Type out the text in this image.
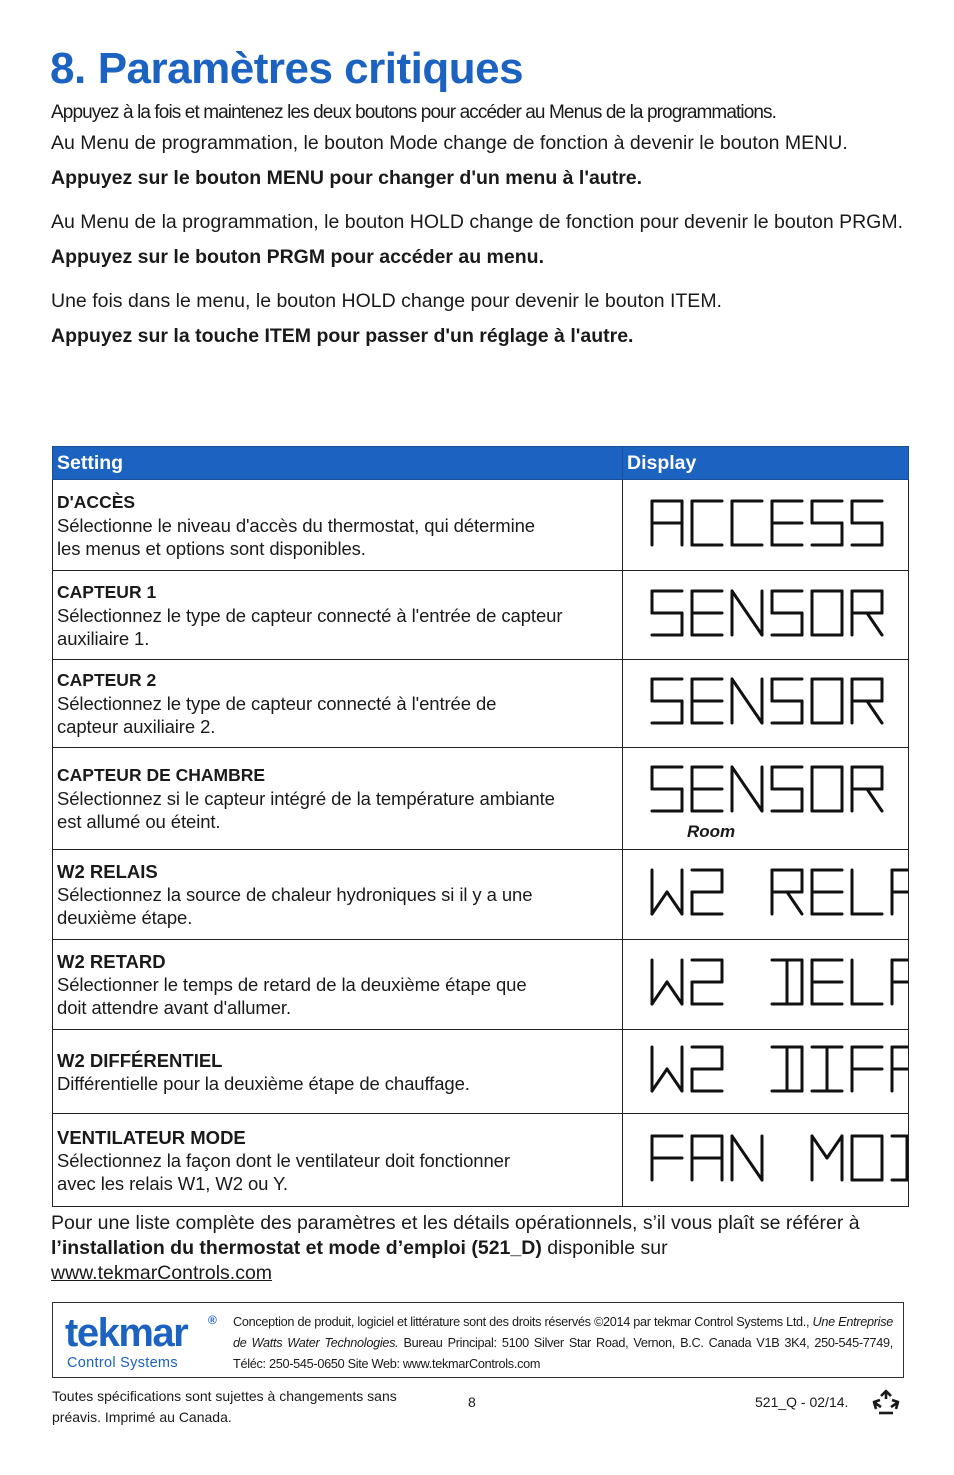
8. Paramètres critiques

Appuyez à la fois et maintenez les deux boutons pour accéder au Menus de la programmations.

Au Menu de programmation, le bouton Mode change de fonction à devenir le bouton MENU.

Appuyez sur le bouton MENU pour changer d'un menu à l'autre.

Au Menu de la programmation, le bouton HOLD change de fonction pour devenir le bouton PRGM.

Appuyez sur le bouton PRGM pour accéder au menu.

Une fois dans le menu, le bouton HOLD change pour devenir le bouton ITEM.

Appuyez sur la touche ITEM pour passer d'un réglage à l'autre.

Setting	Display

D'ACCÈS
Sélectionne le niveau d'accès du thermostat, qui détermine
les menus et options sont disponibles.

CAPTEUR 1
Sélectionnez le type de capteur connecté à l'entrée de capteur
auxiliaire 1.

CAPTEUR 2
Sélectionnez le type de capteur connecté à l'entrée de
capteur auxiliaire 2.

CAPTEUR DE CHAMBRE
Sélectionnez si le capteur intégré de la température ambiante
est allumé ou éteint.	Room

W2 RELAIS
Sélectionnez la source de chaleur hydroniques si il y a une
deuxième étape.

W2 RETARD
Sélectionner le temps de retard de la deuxième étape que
doit attendre avant d'allumer.

W2 DIFFÉRENTIEL
Différentielle pour la deuxième étape de chauffage.

VENTILATEUR MODE
Sélectionnez la façon dont le ventilateur doit fonctionner
avec les relais W1, W2 ou Y.

Pour une liste complète des paramètres et les détails opérationnels, s’il vous plaît se référer à l’installation du thermostat et mode d’emploi (521_D) disponible sur

www.tekmarControls.com

tekmar ®
Control Systems
Conception de produit, logiciel et littérature sont des droits réservés ©2014 par tekmar Control Systems Ltd., Une Entreprise de Watts Water Technologies. Bureau Principal: 5100 Silver Star Road, Vernon, B.C. Canada V1B 3K4, 250-545-7749, Téléc: 250-545-0650 Site Web: www.tekmarControls.com
Toutes spécifications sont sujettes à changements sans préavis. Imprimé au Canada.
8	521_Q - 02/14.
